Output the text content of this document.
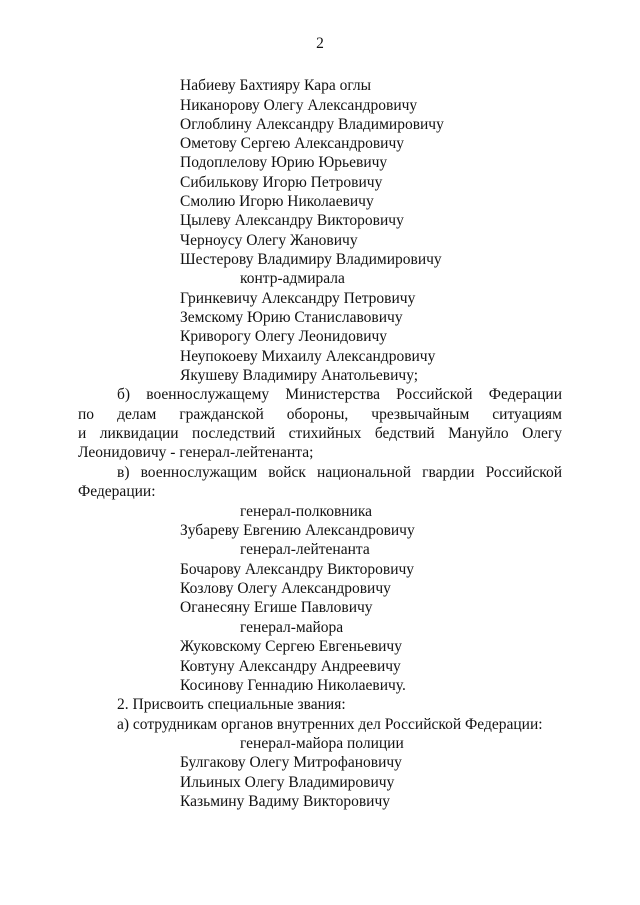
2
Набиеву Бахтияру Кара оглы
Никанорову Олегу Александровичу
Оглоблину Александру Владимировичу
Ометову Сергею Александровичу
Подоплелову Юрию Юрьевичу
Сибилькову Игорю Петровичу
Смолию Игорю Николаевичу
Цылеву Александру Викторовичу
Черноусу Олегу Жановичу
Шестерову Владимиру Владимировичу
контр-адмирала
Гринкевичу Александру Петровичу
Земскому Юрию Станиславовичу
Криворогу Олегу Леонидовичу
Неупокоеву Михаилу Александровичу
Якушеву Владимиру Анатольевичу;
б) военнослужащему Министерства Российской Федерации
по делам гражданской обороны, чрезвычайным ситуациям
и ликвидации последствий стихийных бедствий Мануйло Олегу
Леонидовичу - генерал-лейтенанта;
в) военнослужащим войск национальной гвардии Российской
Федерации:
генерал-полковника
Зубареву Евгению Александровичу
генерал-лейтенанта
Бочарову Александру Викторовичу
Козлову Олегу Александровичу
Оганесяну Егише Павловичу
генерал-майора
Жуковскому Сергею Евгеньевичу
Ковтуну Александру Андреевичу
Косинову Геннадию Николаевичу.
2. Присвоить специальные звания:
а) сотрудникам органов внутренних дел Российской Федерации:
генерал-майора полиции
Булгакову Олегу Митрофановичу
Ильиных Олегу Владимировичу
Казьмину Вадиму Викторовичу
